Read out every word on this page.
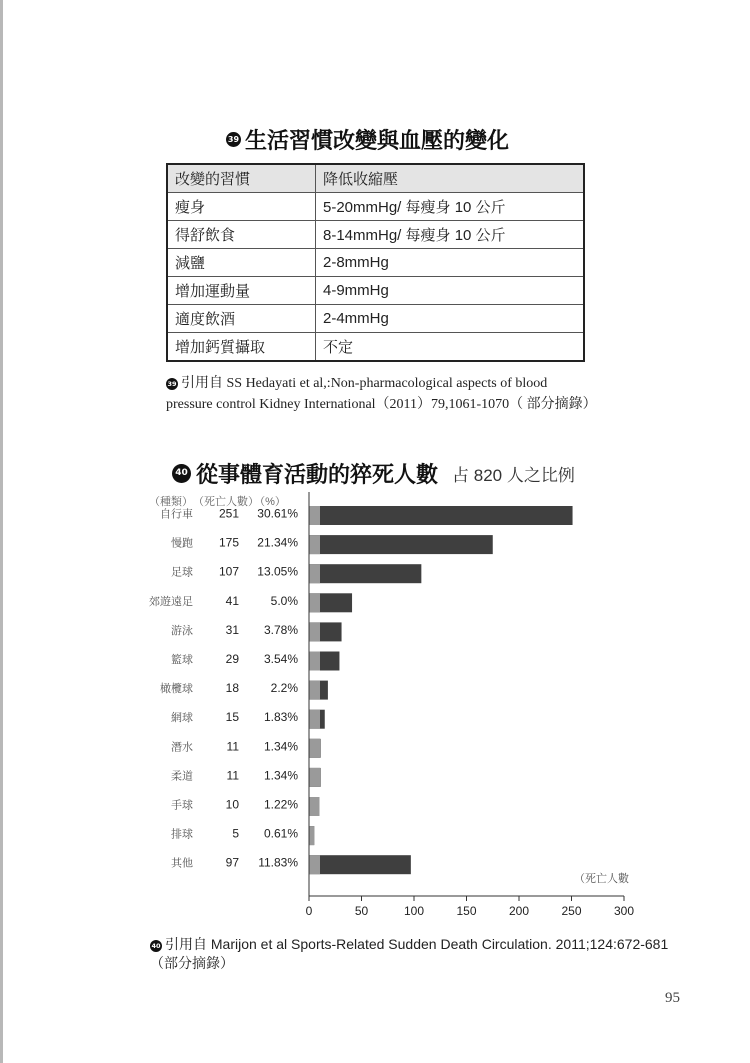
39 生活習慣改變與血壓的變化
改變的習慣	降低收縮壓
瘦身	5-20mmHg/ 每瘦身 10 公斤
得舒飲食	8-14mmHg/ 每瘦身 10 公斤
減鹽	2-8mmHg
增加運動量	4-9mmHg
適度飲酒	2-4mmHg
增加鈣質攝取	不定
39 引用自 SS Hedayati et al,:Non-pharmacological aspects of blood pressure control Kidney International（2011）79,1061-1070（ 部分摘錄）
40 從事體育活動的猝死人數 占 820 人之比例
（種類） （死亡人數）
（%）
自行車 251 30.61%
慢跑 175 21.34%
足球 107 13.05%
郊遊遠足	41	5.0%
游泳	31 3.78%
籃球	29 3.54%
橄欖球	18	2.2%
網球	15 1.83%
潛水	11 1.34%
柔道	11 1.34%
手球	10 1.22%
排球	5 0.61%
其他	97 11.83%
0	50	100	150	200	250	300
（死亡人數
40 引用自 Marijon et al Sports-Related Sudden Death Circulation. 2011;124:672-681（部分摘錄）
95
